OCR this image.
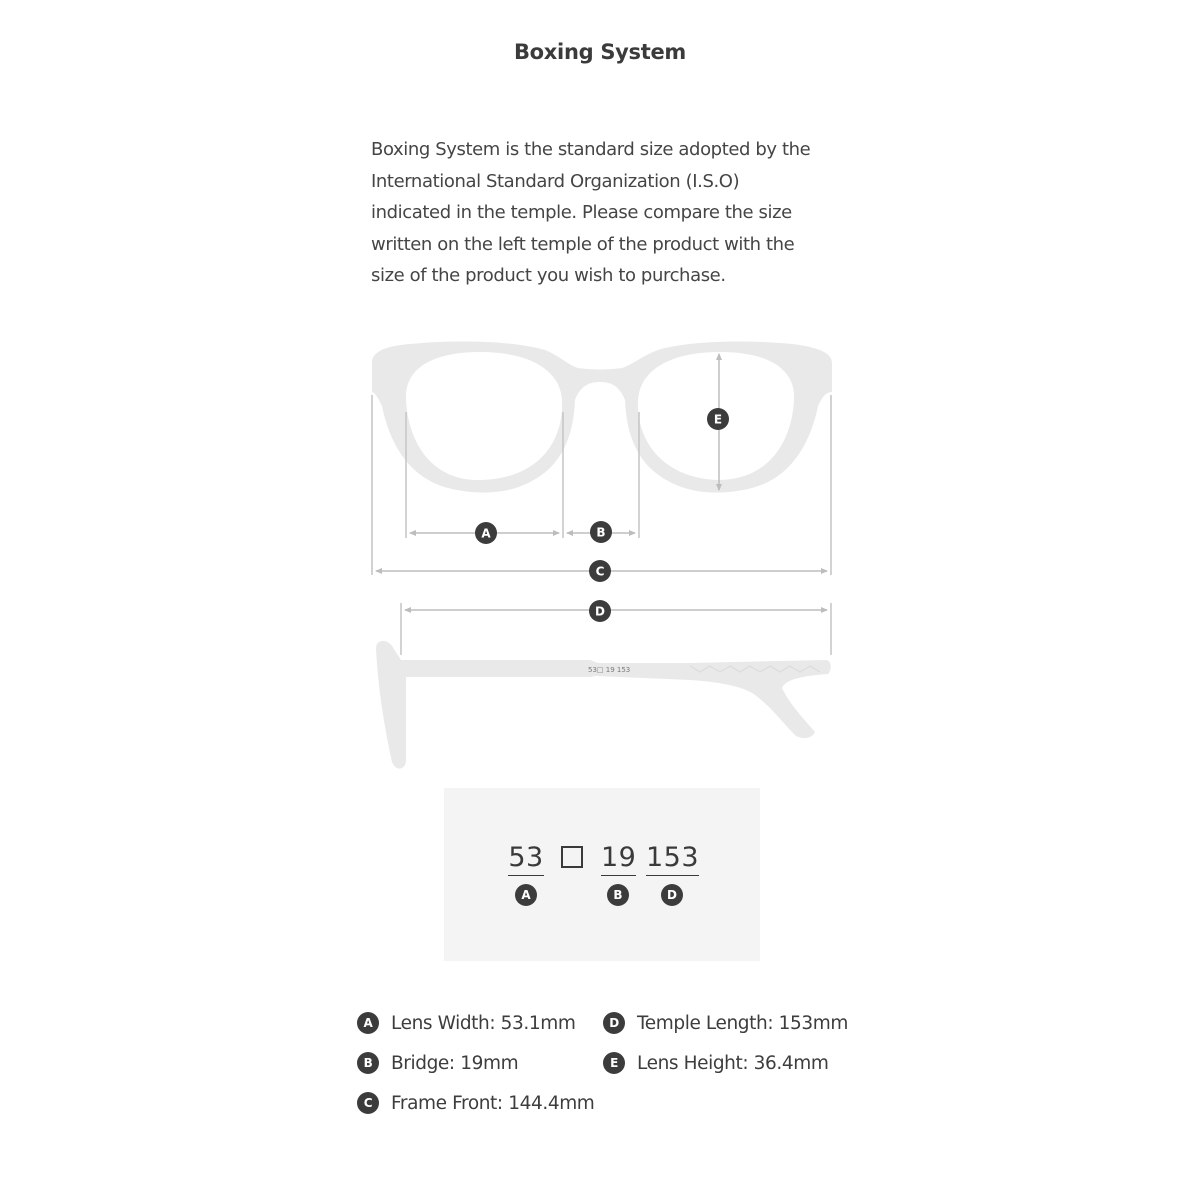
Boxing System

Boxing System is the standard size adopted by the

International Standard Organization (I.S.O)

indicated in the temple. Please compare the size

written on the left temple of the product with the

size of the product you wish to purchase.

53□ 19 153
A	B
C
D
E
53
A
19
B
153
D
A	Lens Width: 53.1mm	D Temple Length: 153mm
B	Bridge: 19mm	E	Lens Height: 36.4mm
C	Frame Front: 144.4mm
